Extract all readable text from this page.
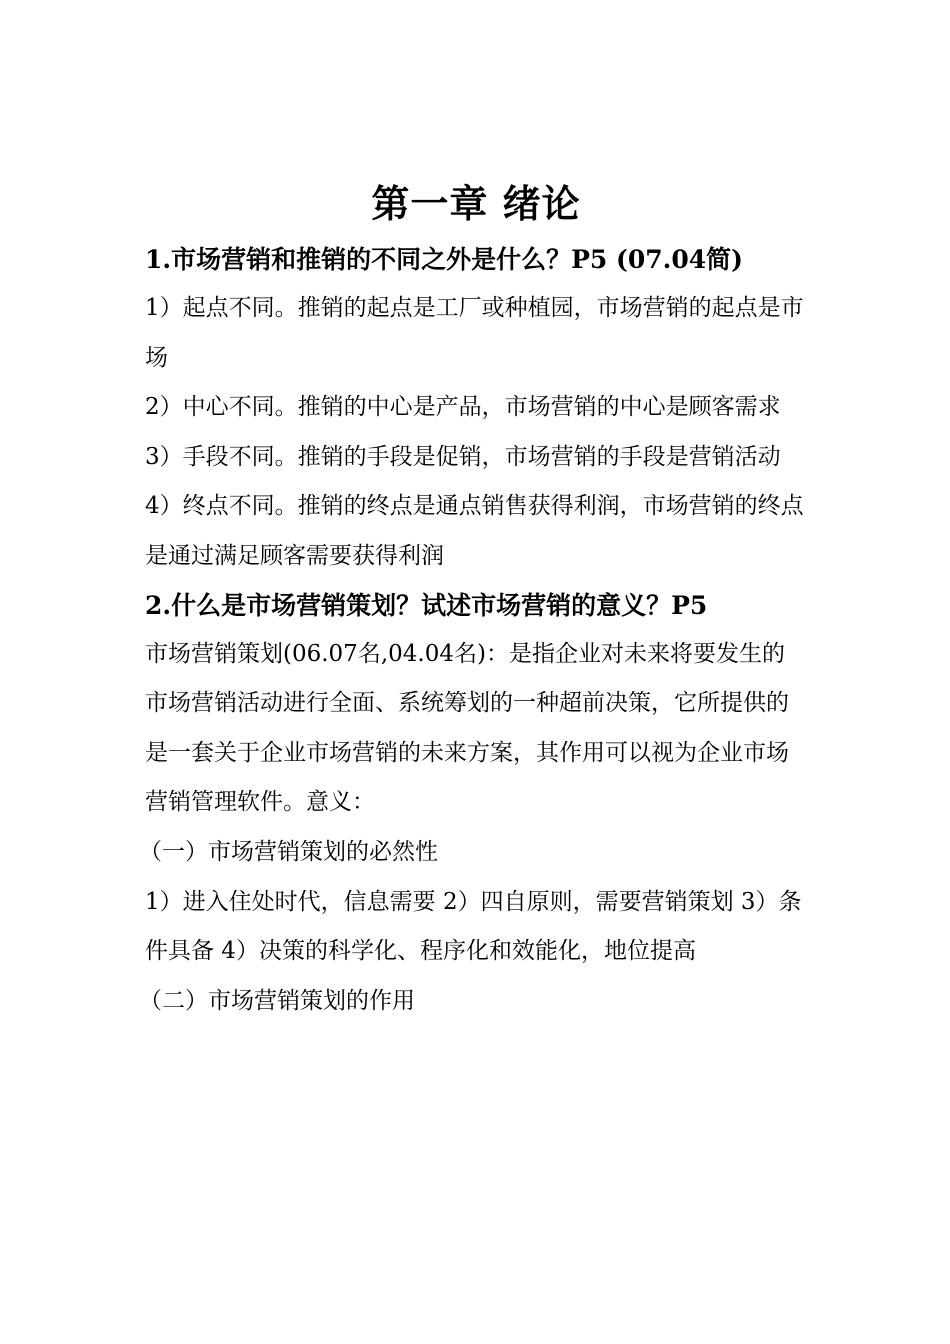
第一章 绪论

1.市场营销和推销的不同之外是什么？P5 (07.04简)

1）起点不同。推销的起点是工厂或种植园，市场营销的起点是市场

2）中心不同。推销的中心是产品，市场营销的中心是顾客需求

3）手段不同。推销的手段是促销，市场营销的手段是营销活动

4）终点不同。推销的终点是通点销售获得利润，市场营销的终点是通过满足顾客需要获得利润

2.什么是市场营销策划？试述市场营销的意义？P5

市场营销策划(06.07名,04.04名)：是指企业对未来将要发生的市场营销活动进行全面、系统筹划的一种超前决策，它所提供的是一套关于企业市场营销的未来方案，其作用可以视为企业市场营销管理软件。意义：

（一）市场营销策划的必然性

1）进入住处时代，信息需要 2）四自原则，需要营销策划 3）条件具备 4）决策的科学化、程序化和效能化，地位提高

（二）市场营销策划的作用
